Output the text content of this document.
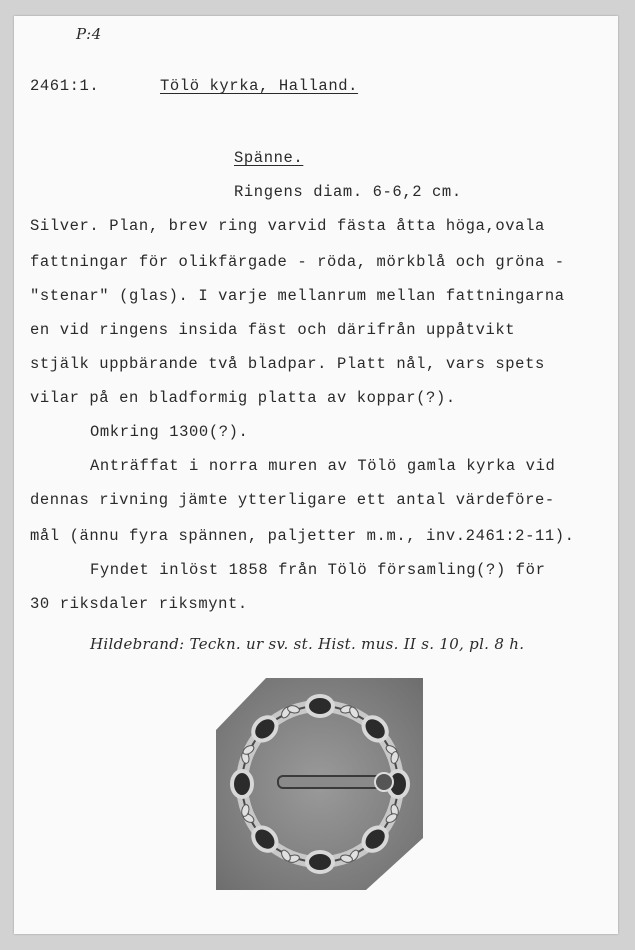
P:4
2461:1.	Tölö kyrka, Halland.
Spänne.
Ringens diam. 6-6,2 cm.
Silver. Plan, brev ring varvid fästa åtta höga,ovala
fattningar för olikfärgade - röda, mörkblå och gröna -
"stenar" (glas). I varje mellanrum mellan fattningarna
en vid ringens insida fäst och därifrån uppåtvikt
stjälk uppbärande två bladpar. Platt nål, vars spets
vilar på en bladformig platta av koppar(?).
Omkring 1300(?).
Anträffat i norra muren av Tölö gamla kyrka vid
dennas rivning jämte ytterligare ett antal värdeföre-
mål (ännu fyra spännen, paljetter m.m., inv.2461:2-11).
Fyndet inlöst 1858 från Tölö församling(?) för
30 riksdaler riksmynt.
Hildebrand: Teckn. ur sv. st. Hist. mus. II s. 10, pl. 8 h.
